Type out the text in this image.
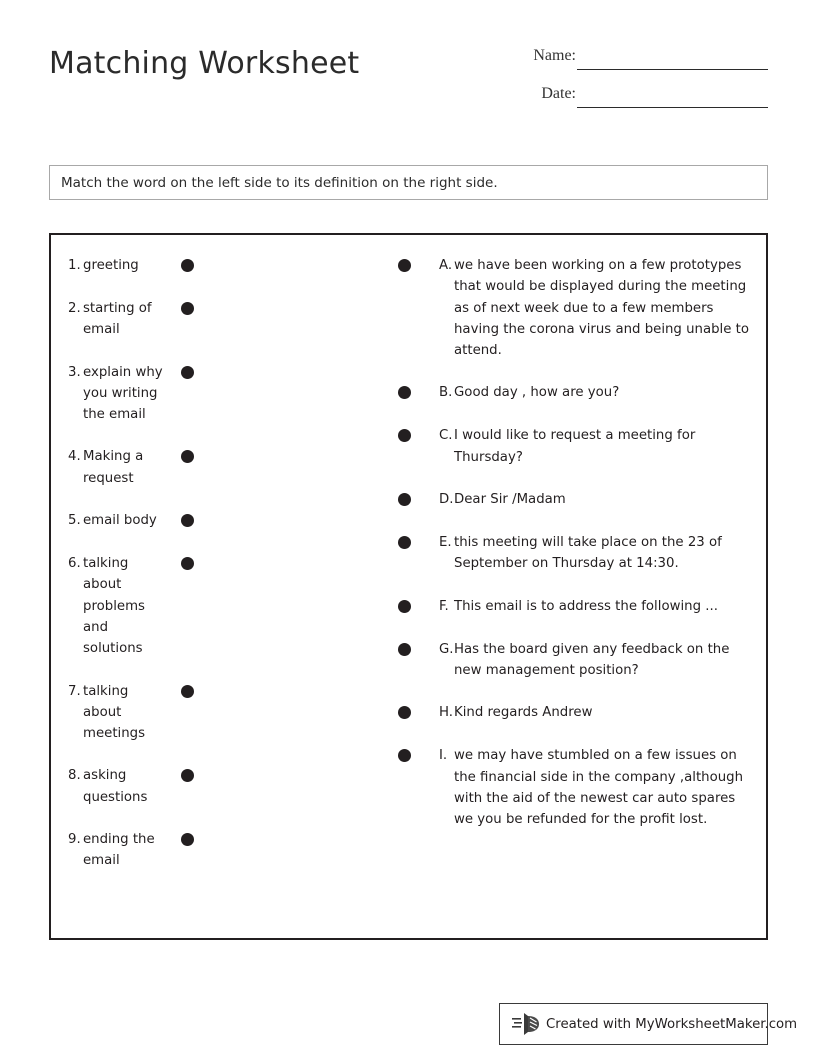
Matching Worksheet	Name:
Date:
Match the word on the left side to its definition on the right side.
1. greeting
2. starting of email
3. explain why you writing the email
4. Making a request
5. email body
6. talking about problems and solutions
7. talking about meetings
8. asking questions
9. ending the email
A. we have been working on a few prototypes that would be displayed during the meeting as of next week due to a few members having the corona virus and being unable to attend.
B. Good day , how are you?
C. I would like to request a meeting for Thursday?
D. Dear Sir /Madam
E. this meeting will take place on the 23 of September on Thursday at 14:30.
F. This email is to address the following ...
G. Has the board given any feedback on the new management position?
H. Kind regards Andrew
I. we may have stumbled on a few issues on the financial side in the company ,although with the aid of the newest car auto spares we you be refunded for the profit lost.
Created with MyWorksheetMaker.com
